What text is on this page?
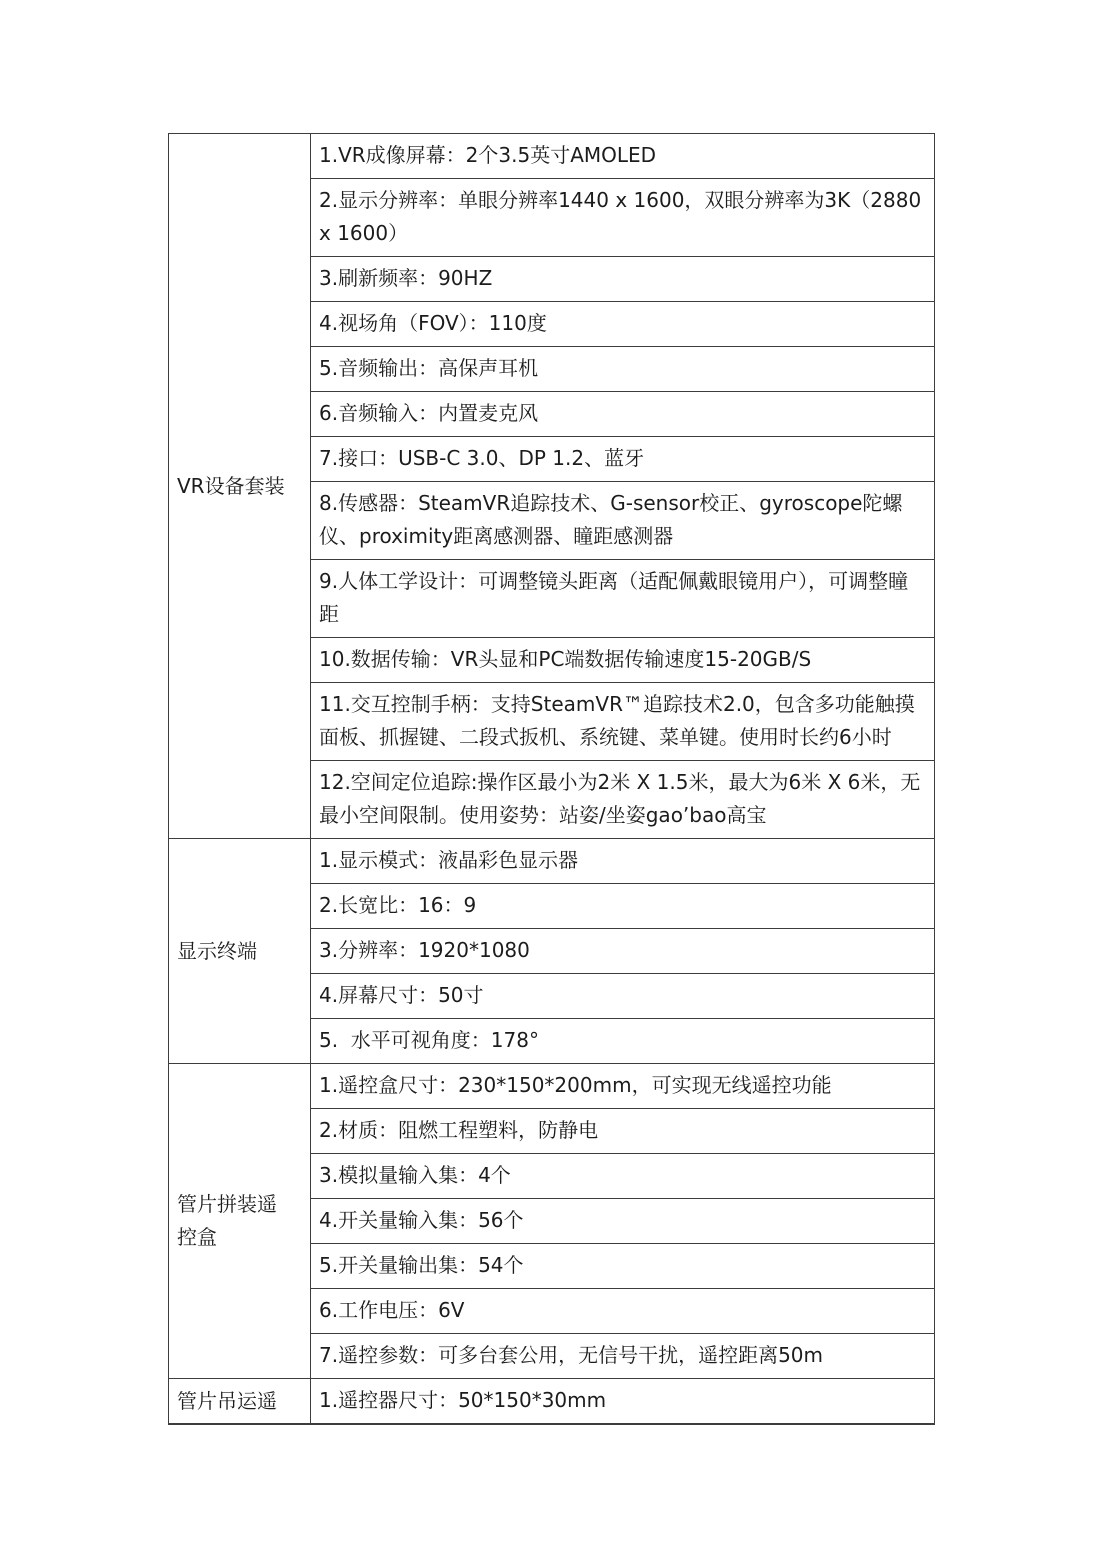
VR设备套装	1.VR成像屏幕：2个3.5英寸AMOLED
	2.显示分辨率：单眼分辨率1440 x 1600，双眼分辨率为3K（2880 x 1600）
	3.刷新频率：90HZ
	4.视场角（FOV）：110度
	5.音频输出：高保声耳机
	6.音频输入：内置麦克风
	7.接口：USB-C 3.0、DP 1.2、蓝牙
	8.传感器：SteamVR追踪技术、G-sensor校正、gyroscope陀螺仪、proximity距离感测器、瞳距感测器
	9.人体工学设计：可调整镜头距离（适配佩戴眼镜用户），可调整瞳距
	10.数据传输：VR头显和PC端数据传输速度15-20GB/S
	11.交互控制手柄：支持SteamVR™追踪技术2.0，包含多功能触摸面板、抓握键、二段式扳机、系统键、菜单键。使用时长约6小时
	12.空间定位追踪:操作区最小为2米 X 1.5米，最大为6米 X 6米，无最小空间限制。使用姿势：站姿/坐姿gao’bao高宝
显示终端	1.显示模式：液晶彩色显示器
	2.长宽比：16：9
	3.分辨率：1920*1080
	4.屏幕尺寸：50寸
	5.  水平可视角度：178°
管片拼装遥控盒	1.遥控盒尺寸：230*150*200mm，可实现无线遥控功能
	2.材质：阻燃工程塑料，防静电
	3.模拟量输入集：4个
	4.开关量输入集：56个
	5.开关量输出集：54个
	6.工作电压：6V
	7.遥控参数：可多台套公用，无信号干扰，遥控距离50m
管片吊运遥	1.遥控器尺寸：50*150*30mm
